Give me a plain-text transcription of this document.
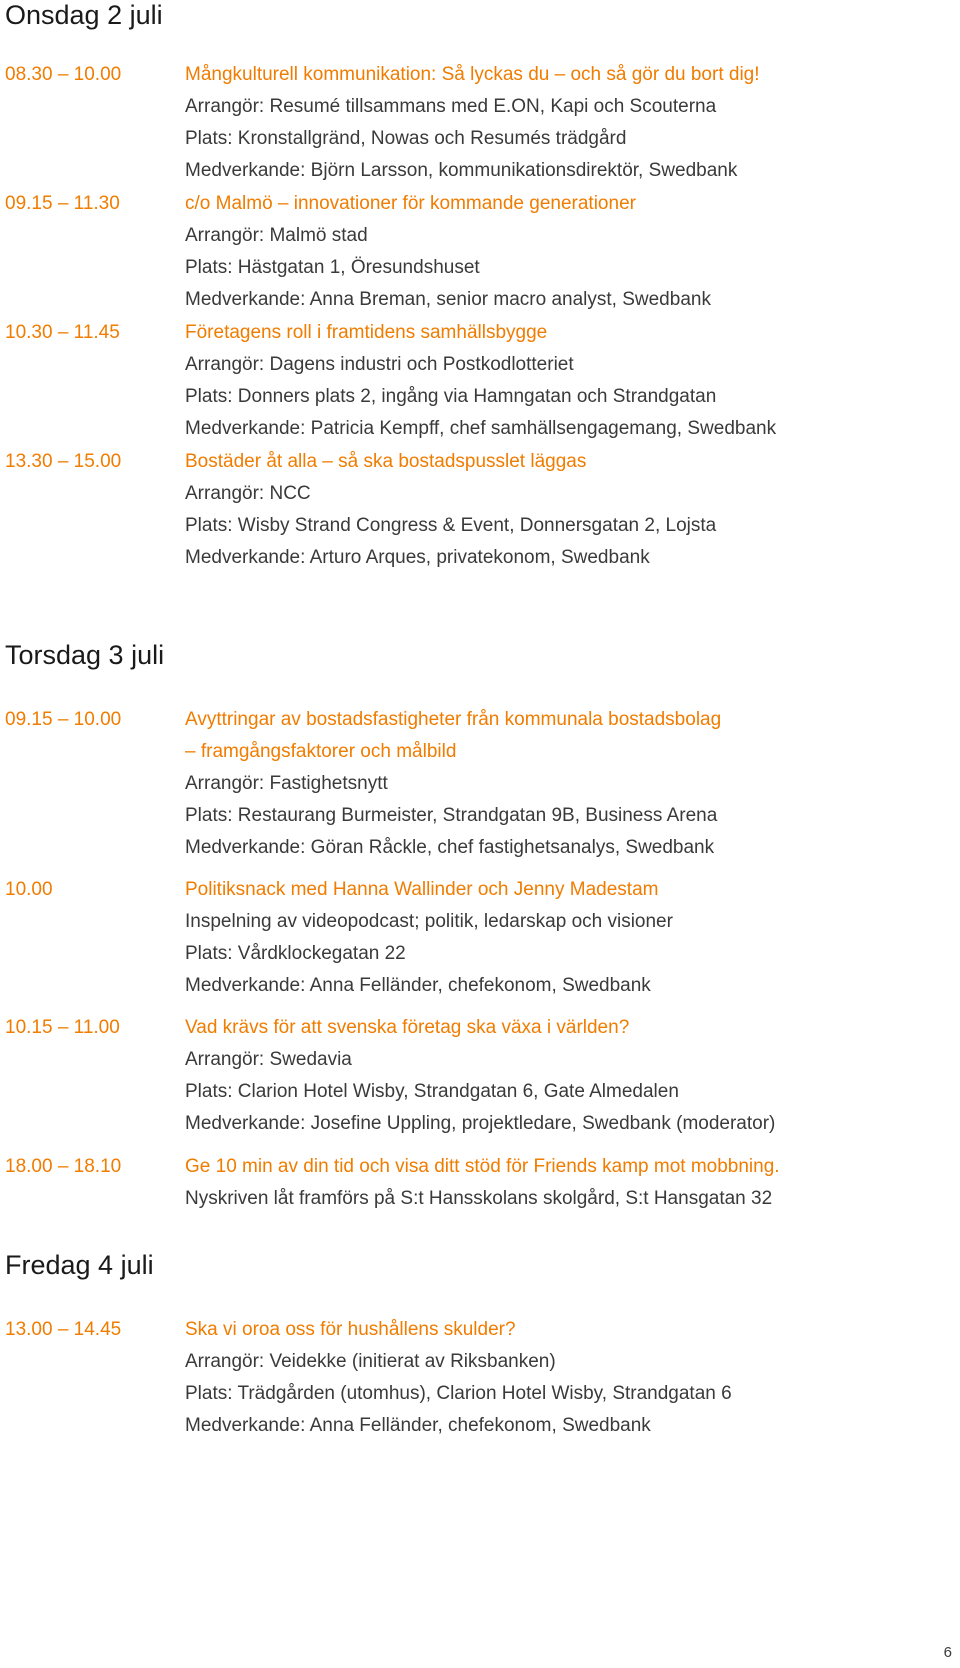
Onsdag 2 juli
08.30 – 10.00	Mångkulturell kommunikation: Så lyckas du – och så gör du bort dig!
Arrangör: Resumé tillsammans med E.ON, Kapi och Scouterna
Plats: Kronstallgränd, Nowas och Resumés trädgård
Medverkande: Björn Larsson, kommunikationsdirektör, Swedbank
09.15 – 11.30	c/o Malmö – innovationer för kommande generationer
Arrangör: Malmö stad
Plats: Hästgatan 1, Öresundshuset
Medverkande: Anna Breman, senior macro analyst, Swedbank
10.30 – 11.45	Företagens roll i framtidens samhällsbygge
Arrangör: Dagens industri och Postkodlotteriet
Plats: Donners plats 2, ingång via Hamngatan och Strandgatan
Medverkande: Patricia Kempff, chef samhällsengagemang, Swedbank
13.30 – 15.00	Bostäder åt alla – så ska bostadspusslet läggas
Arrangör: NCC
Plats: Wisby Strand Congress & Event, Donnersgatan 2, Lojsta
Medverkande: Arturo Arques, privatekonom, Swedbank
Torsdag 3 juli
09.15 – 10.00	Avyttringar av bostadsfastigheter från kommunala bostadsbolag
– framgångsfaktorer och målbild
Arrangör: Fastighetsnytt
Plats: Restaurang Burmeister, Strandgatan 9B, Business Arena
Medverkande: Göran Råckle, chef fastighetsanalys, Swedbank
10.00	Politiksnack med Hanna Wallinder och Jenny Madestam
Inspelning av videopodcast; politik, ledarskap och visioner
Plats: Vårdklockegatan 22
Medverkande: Anna Felländer, chefekonom, Swedbank
10.15 – 11.00	Vad krävs för att svenska företag ska växa i världen?
Arrangör: Swedavia
Plats: Clarion Hotel Wisby, Strandgatan 6, Gate Almedalen
Medverkande: Josefine Uppling, projektledare, Swedbank (moderator)
18.00 – 18.10	Ge 10 min av din tid och visa ditt stöd för Friends kamp mot mobbning.
Nyskriven låt framförs på S:t Hansskolans skolgård, S:t Hansgatan 32
Fredag 4 juli
13.00 – 14.45	Ska vi oroa oss för hushållens skulder?
Arrangör: Veidekke (initierat av Riksbanken)
Plats: Trädgården (utomhus), Clarion Hotel Wisby, Strandgatan 6
Medverkande: Anna Felländer, chefekonom, Swedbank
6
